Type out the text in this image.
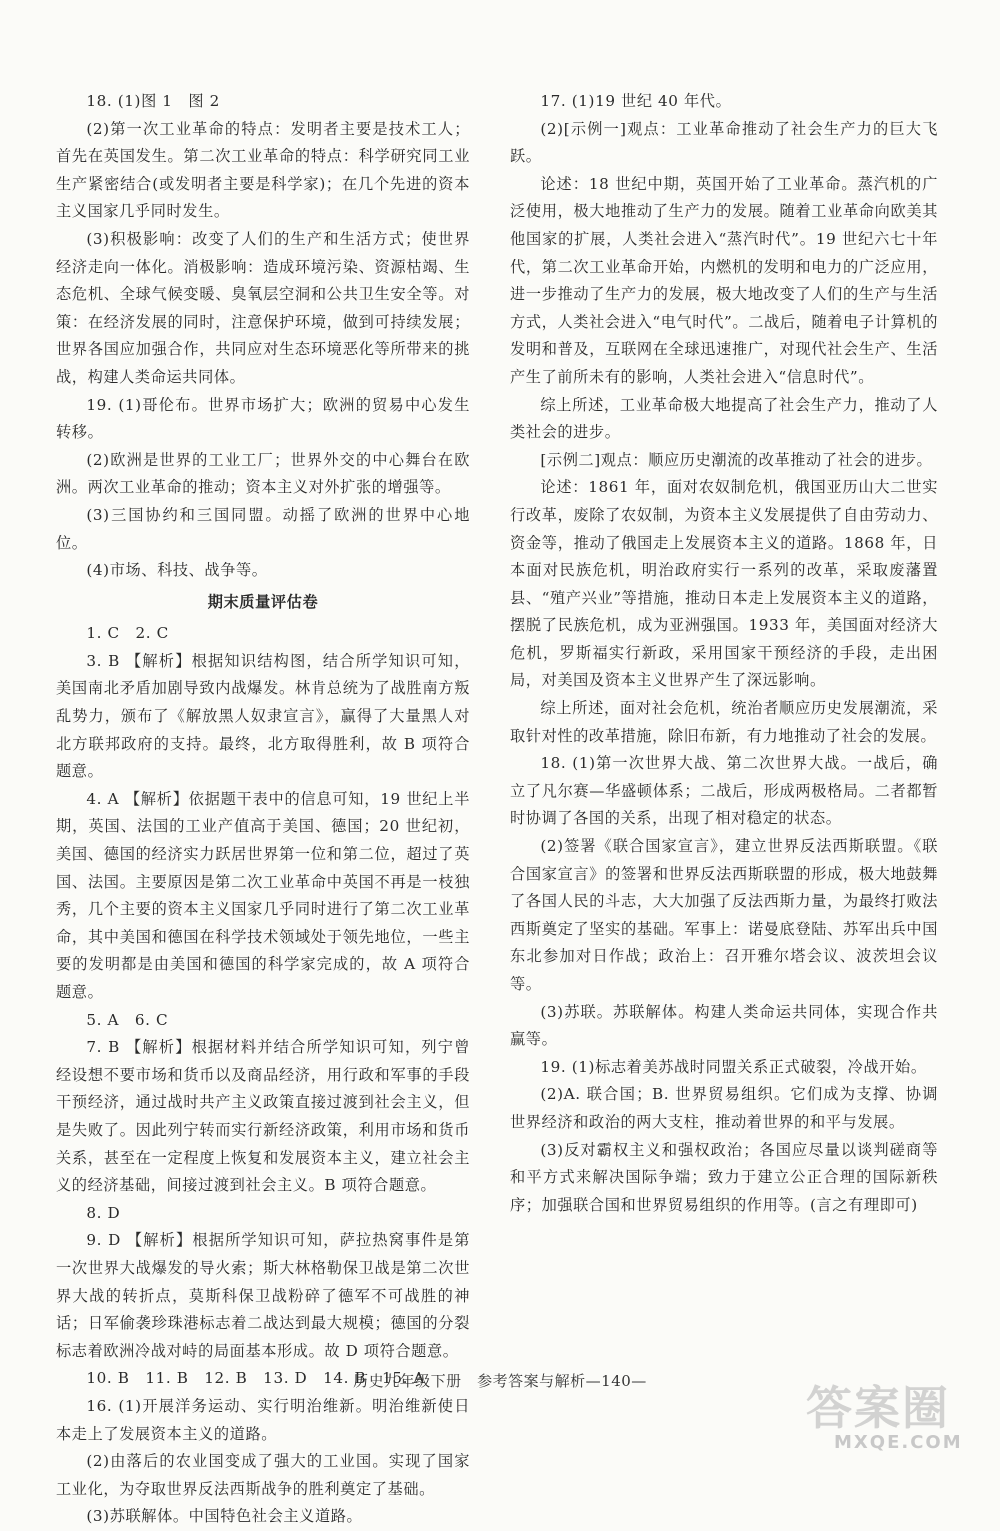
18. (1)图 1　图 2

(2)第一次工业革命的特点：发明者主要是技术工人；首先在英国发生。第二次工业革命的特点：科学研究同工业生产紧密结合(或发明者主要是科学家)；在几个先进的资本主义国家几乎同时发生。

(3)积极影响：改变了人们的生产和生活方式；使世界经济走向一体化。消极影响：造成环境污染、资源枯竭、生态危机、全球气候变暖、臭氧层空洞和公共卫生安全等。对策：在经济发展的同时，注意保护环境，做到可持续发展；世界各国应加强合作，共同应对生态环境恶化等所带来的挑战，构建人类命运共同体。

19. (1)哥伦布。世界市场扩大；欧洲的贸易中心发生转移。

(2)欧洲是世界的工业工厂；世界外交的中心舞台在欧洲。两次工业革命的推动；资本主义对外扩张的增强等。

(3)三国协约和三国同盟。动摇了欧洲的世界中心地位。

(4)市场、科技、战争等。

期末质量评估卷

1. C　2. C

3. B 【解析】根据知识结构图，结合所学知识可知，美国南北矛盾加剧导致内战爆发。林肯总统为了战胜南方叛乱势力，颁布了《解放黑人奴隶宣言》，赢得了大量黑人对北方联邦政府的支持。最终，北方取得胜利，故 B 项符合题意。

4. A 【解析】依据题干表中的信息可知，19 世纪上半期，英国、法国的工业产值高于美国、德国；20 世纪初，美国、德国的经济实力跃居世界第一位和第二位，超过了英国、法国。主要原因是第二次工业革命中英国不再是一枝独秀，几个主要的资本主义国家几乎同时进行了第二次工业革命，其中美国和德国在科学技术领域处于领先地位，一些主要的发明都是由美国和德国的科学家完成的，故 A 项符合题意。

5. A　6. C

7. B 【解析】根据材料并结合所学知识可知，列宁曾经设想不要市场和货币以及商品经济，用行政和军事的手段干预经济，通过战时共产主义政策直接过渡到社会主义，但是失败了。因此列宁转而实行新经济政策，利用市场和货币关系，甚至在一定程度上恢复和发展资本主义，建立社会主义的经济基础，间接过渡到社会主义。B 项符合题意。

8. D

9. D 【解析】根据所学知识可知，萨拉热窝事件是第一次世界大战爆发的导火索；斯大林格勒保卫战是第二次世界大战的转折点，莫斯科保卫战粉碎了德军不可战胜的神话；日军偷袭珍珠港标志着二战达到最大规模；德国的分裂标志着欧洲冷战对峙的局面基本形成。故 D 项符合题意。

10. B　11. B　12. B　13. D　14. B　15. A

16. (1)开展洋务运动、实行明治维新。明治维新使日本走上了发展资本主义的道路。

(2)由落后的农业国变成了强大的工业国。实现了国家工业化，为夺取世界反法西斯战争的胜利奠定了基础。

(3)苏联解体。中国特色社会主义道路。

17. (1)19 世纪 40 年代。

(2)[示例一]观点：工业革命推动了社会生产力的巨大飞跃。

论述：18 世纪中期，英国开始了工业革命。蒸汽机的广泛使用，极大地推动了生产力的发展。随着工业革命向欧美其他国家的扩展，人类社会进入“蒸汽时代”。19 世纪六七十年代，第二次工业革命开始，内燃机的发明和电力的广泛应用，进一步推动了生产力的发展，极大地改变了人们的生产与生活方式，人类社会进入“电气时代”。二战后，随着电子计算机的发明和普及，互联网在全球迅速推广，对现代社会生产、生活产生了前所未有的影响，人类社会进入“信息时代”。

综上所述，工业革命极大地提高了社会生产力，推动了人类社会的进步。

[示例二]观点：顺应历史潮流的改革推动了社会的进步。

论述：1861 年，面对农奴制危机，俄国亚历山大二世实行改革，废除了农奴制，为资本主义发展提供了自由劳动力、资金等，推动了俄国走上发展资本主义的道路。1868 年，日本面对民族危机，明治政府实行一系列的改革，采取废藩置县、“殖产兴业”等措施，推动日本走上发展资本主义的道路，摆脱了民族危机，成为亚洲强国。1933 年，美国面对经济大危机，罗斯福实行新政，采用国家干预经济的手段，走出困局，对美国及资本主义世界产生了深远影响。

综上所述，面对社会危机，统治者顺应历史发展潮流，采取针对性的改革措施，除旧布新，有力地推动了社会的发展。

18. (1)第一次世界大战、第二次世界大战。一战后，确立了凡尔赛—华盛顿体系；二战后，形成两极格局。二者都暂时协调了各国的关系，出现了相对稳定的状态。

(2)签署《联合国家宣言》，建立世界反法西斯联盟。《联合国家宣言》的签署和世界反法西斯联盟的形成，极大地鼓舞了各国人民的斗志，大大加强了反法西斯力量，为最终打败法西斯奠定了坚实的基础。军事上：诺曼底登陆、苏军出兵中国东北参加对日作战；政治上：召开雅尔塔会议、波茨坦会议等。

(3)苏联。苏联解体。构建人类命运共同体，实现合作共赢等。

19. (1)标志着美苏战时同盟关系正式破裂，冷战开始。

(2)A. 联合国；B. 世界贸易组织。它们成为支撑、协调世界经济和政治的两大支柱，推动着世界的和平与发展。

(3)反对霸权主义和强权政治；各国应尽量以谈判磋商等和平方式来解决国际争端；致力于建立公正合理的国际新秩序；加强联合国和世界贸易组织的作用等。(言之有理即可)

历史九年级下册　参考答案与解析—140—	答案圈
MXQE.COM
